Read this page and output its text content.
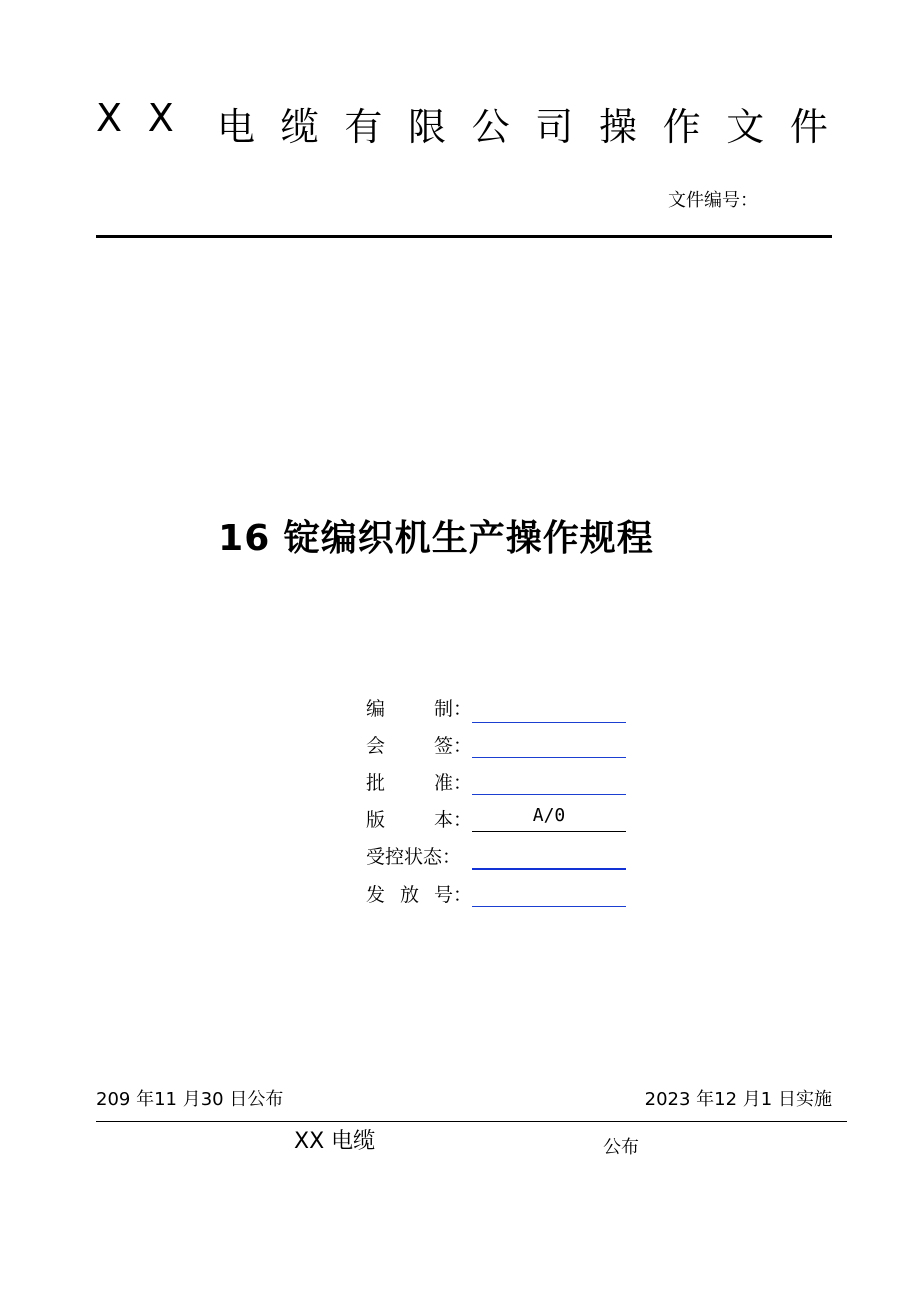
X X 电 缆 有 限 公 司 操 作 文 件
文件编号：
16 锭编织机生产操作规程
编	制：
会	签：
批	准：
版	本：	A/0
受控状态：
发 放 号：
209 年11 月30 日公布	2023 年12 月1 日实施
XX 电缆	公布
